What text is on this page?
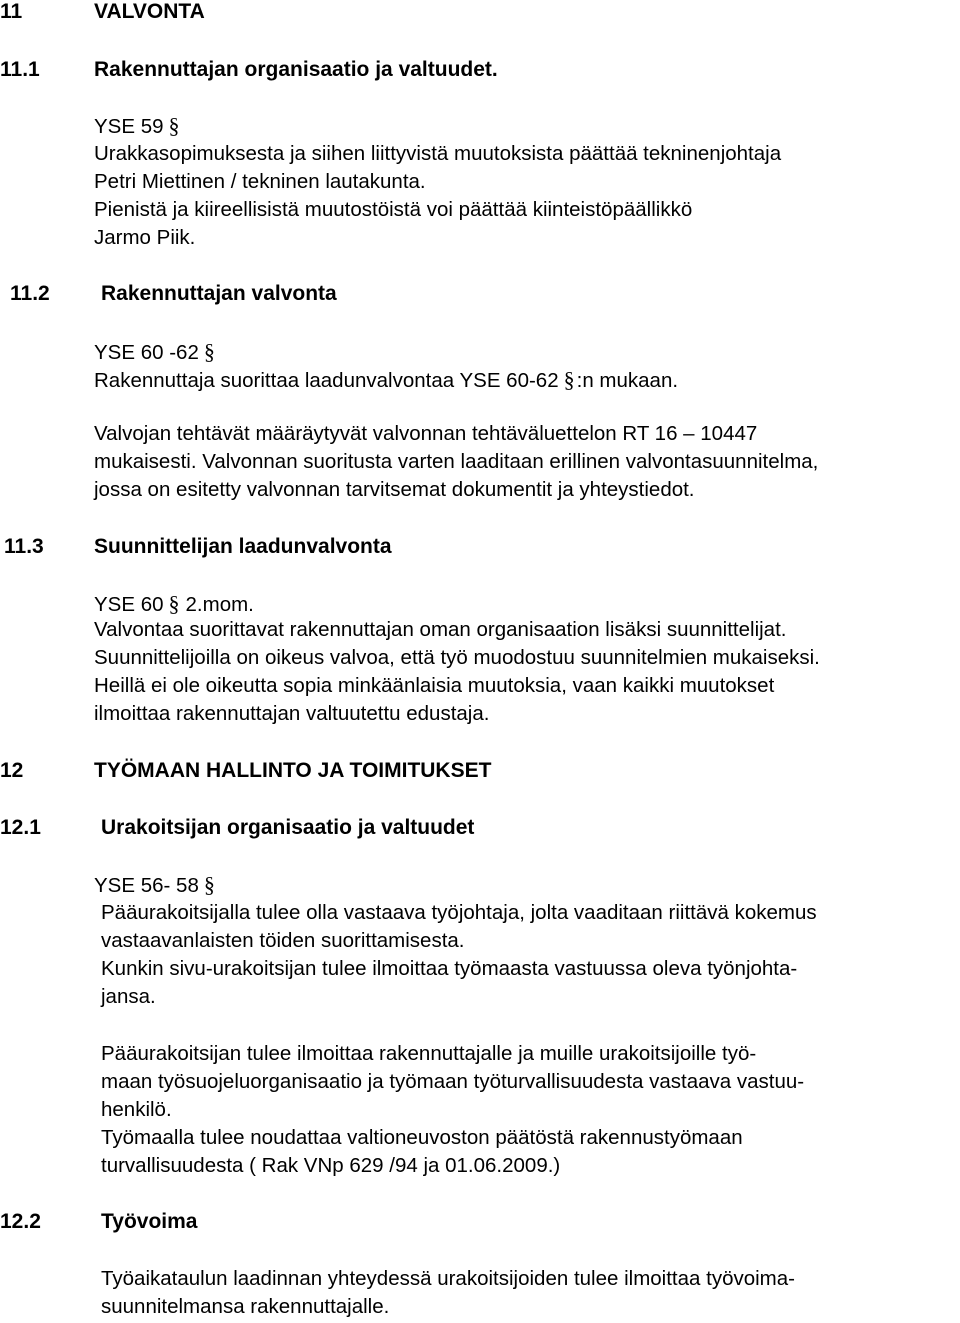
11	VALVONTA
11.1	Rakennuttajan organisaatio ja valtuudet.
YSE 59 §
Urakkasopimuksesta ja siihen liittyvistä muutoksista päättää tekninenjohtaja
Petri Miettinen / tekninen lautakunta.
Pienistä ja kiireellisistä muutostöistä voi päättää kiinteistöpäällikkö
Jarmo Piik.
11.2 Rakennuttajan valvonta
YSE 60 -62 §
Rakennuttaja suorittaa laadunvalvontaa YSE 60-62 §:n mukaan.
Valvojan tehtävät määräytyvät valvonnan tehtäväluettelon RT 16 – 10447
mukaisesti. Valvonnan suoritusta varten laaditaan erillinen valvontasuunnitelma,
jossa on esitetty valvonnan tarvitsemat dokumentit ja yhteystiedot.
11.3 Suunnittelijan laadunvalvonta
YSE 60 § 2.mom.
Valvontaa suorittavat rakennuttajan oman organisaation lisäksi suunnittelijat.
Suunnittelijoilla on oikeus valvoa, että työ muodostuu suunnitelmien mukaiseksi.
Heillä ei ole oikeutta sopia minkäänlaisia muutoksia, vaan kaikki muutokset
ilmoittaa rakennuttajan valtuutettu edustaja.
12	TYÖMAAN HALLINTO JA TOIMITUKSET
12.1	Urakoitsijan organisaatio ja valtuudet
YSE 56- 58 §
Pääurakoitsijalla tulee olla vastaava työjohtaja, jolta vaaditaan riittävä kokemus
vastaavanlaisten töiden suorittamisesta.
Kunkin sivu-urakoitsijan tulee ilmoittaa työmaasta vastuussa oleva työnjohta-
jansa.
Pääurakoitsijan tulee ilmoittaa rakennuttajalle ja muille urakoitsijoille työ-
maan työsuojeluorganisaatio ja työmaan työturvallisuudesta vastaava vastuu-
henkilö.
Työmaalla tulee noudattaa valtioneuvoston päätöstä rakennustyömaan
turvallisuudesta ( Rak VNp 629 /94 ja 01.06.2009.)
12.2	Työvoima
Työaikataulun laadinnan yhteydessä urakoitsijoiden tulee ilmoittaa työvoima-
suunnitelmansa rakennuttajalle.
